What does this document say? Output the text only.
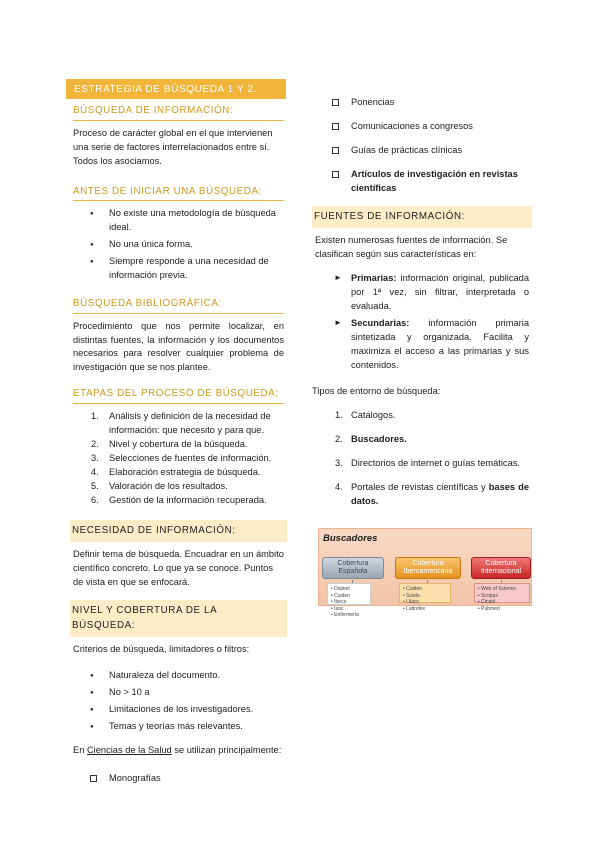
ESTRATEGIA DE BÚSQUEDA 1 Y 2.
BÚSQUEDA DE INFORMACIÓN:

Proceso de carácter global en el que intervienen una serie de factores interrelacionados entre sí. Todos los asociamos.

ANTES DE INICIAR UNA BÚSQUEDA:
● No existe una metodología de búsqueda ideal.
● No una única forma.
● Siempre responde a una necesidad de información previa.
BÚSQUEDA BIBLIOGRÁFICA:

Procedimiento que nos permite localizar, en distintas fuentes, la información y los documentos necesarios para resolver cualquier problema de investigación que se nos plantee.

ETAPAS DEL PROCESO DE BÚSQUEDA:
1. Análisis y definición de la necesidad de información: que necesito y para que.
2. Nivel y cobertura de la búsqueda.
3. Selecciones de fuentes de información.
4. Elaboración estrategia de búsqueda.
5. Valoración de los resultados.
6. Gestión de la información recuperada.
NECESIDAD DE INFORMACIÓN:

Definir tema de búsqueda. Encuadrar en un ámbito científico concreto. Lo que ya se conoce. Puntos de vista en que se enfocará.

NIVEL Y COBERTURA DE LA BÚSQUEDA:

Criterios de búsqueda, limitadores o filtros:

● Naturaleza del documento.
● No > 10 a
● Limitaciones de los investigadores.
● Temas y teorías más relevantes.

En Ciencias de la Salud se utilizan principalmente:

Monografías
Ponencias
Comunicaciones a congresos
Guías de prácticas clínicas
Artículos de investigación en revistas científicas
FUENTES DE INFORMACIÓN:

Existen numerosas fuentes de información. Se clasifican según sus características en:

► Primarias: información original, publicada por 1ª vez, sin filtrar, interpretada o evaluada.
► Secundarias: información primaria sintetizada y organizada. Facilita y maximiza el acceso a las primarias y sus contenidos.

Tipos de entorno de búsqueda:

1. Catálogos.
2. Buscadores.
3. Directorios de internet o guías temáticas.
4. Portales de revistas científicas y bases de datos.
Buscadores
Cobertura Española
Cobertura Iberoamericana
Cobertura Internacional
• Dialnet
• Cuiden
• Ibecs
• Isoc
• Enfermería
• Cuiden
• Scielo
• Lilacs
• Latindex
• Web of Science
• Scopus
• Cinahl
• Pubmed
